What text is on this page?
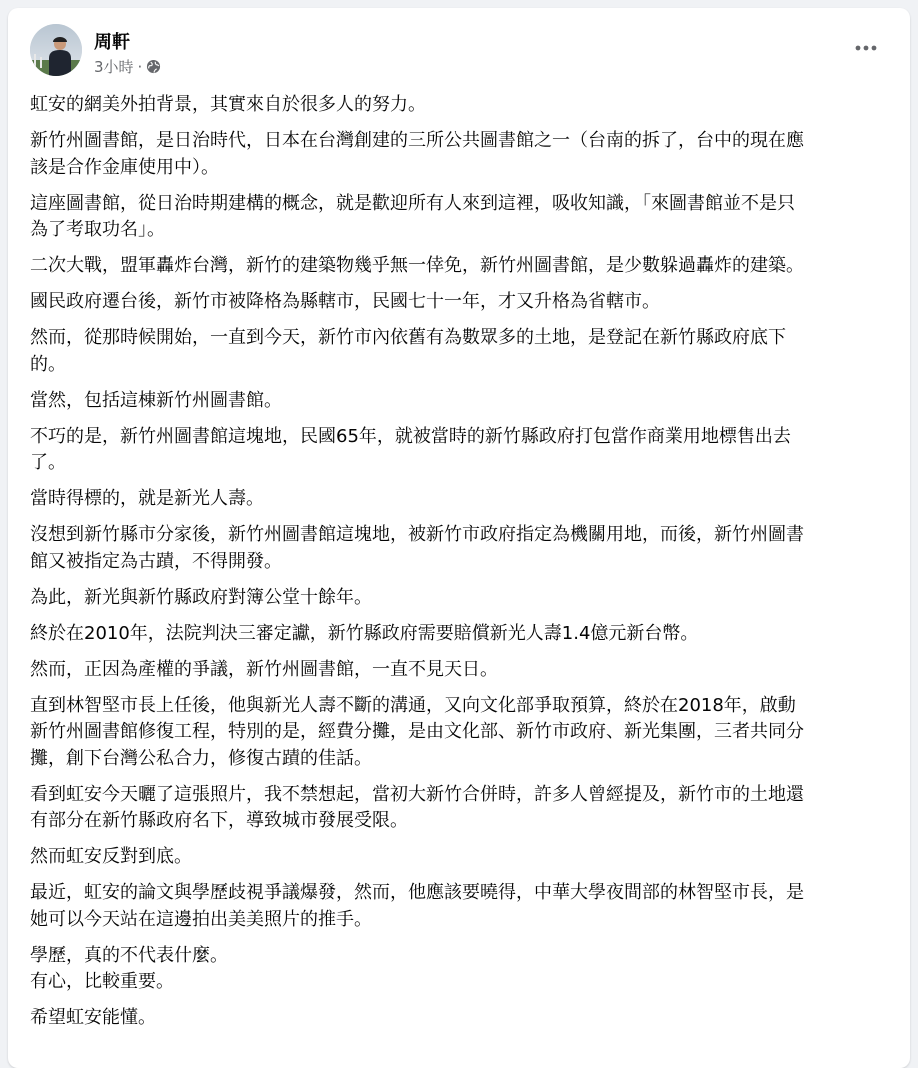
周軒
3小時 ·

虹安的網美外拍背景，其實來自於很多人的努力。

新竹州圖書館，是日治時代，日本在台灣創建的三所公共圖書館之一（台南的拆了，台中的現在應
該是合作金庫使用中）。

這座圖書館，從日治時期建構的概念，就是歡迎所有人來到這裡，吸收知識，「來圖書館並不是只
為了考取功名」。

二次大戰，盟軍轟炸台灣，新竹的建築物幾乎無一倖免，新竹州圖書館，是少數躲過轟炸的建築。

國民政府遷台後，新竹市被降格為縣轄市，民國七十一年，才又升格為省轄市。

然而，從那時候開始，一直到今天，新竹市內依舊有為數眾多的土地，是登記在新竹縣政府底下
的。

當然，包括這棟新竹州圖書館。

不巧的是，新竹州圖書館這塊地，民國65年，就被當時的新竹縣政府打包當作商業用地標售出去
了。

當時得標的，就是新光人壽。

沒想到新竹縣市分家後，新竹州圖書館這塊地，被新竹市政府指定為機關用地，而後，新竹州圖書
館又被指定為古蹟，不得開發。

為此，新光與新竹縣政府對簿公堂十餘年。

終於在2010年，法院判決三審定讞，新竹縣政府需要賠償新光人壽1.4億元新台幣。

然而，正因為產權的爭議，新竹州圖書館，一直不見天日。

直到林智堅市長上任後，他與新光人壽不斷的溝通，又向文化部爭取預算，終於在2018年，啟動
新竹州圖書館修復工程，特別的是，經費分攤，是由文化部、新竹市政府、新光集團，三者共同分
攤，創下台灣公私合力，修復古蹟的佳話。

看到虹安今天曬了這張照片，我不禁想起，當初大新竹合併時，許多人曾經提及，新竹市的土地還
有部分在新竹縣政府名下，導致城市發展受限。

然而虹安反對到底。

最近，虹安的論文與學歷歧視爭議爆發，然而，他應該要曉得，中華大學夜間部的林智堅市長，是
她可以今天站在這邊拍出美美照片的推手。

學歷，真的不代表什麼。
有心，比較重要。

希望虹安能懂。
